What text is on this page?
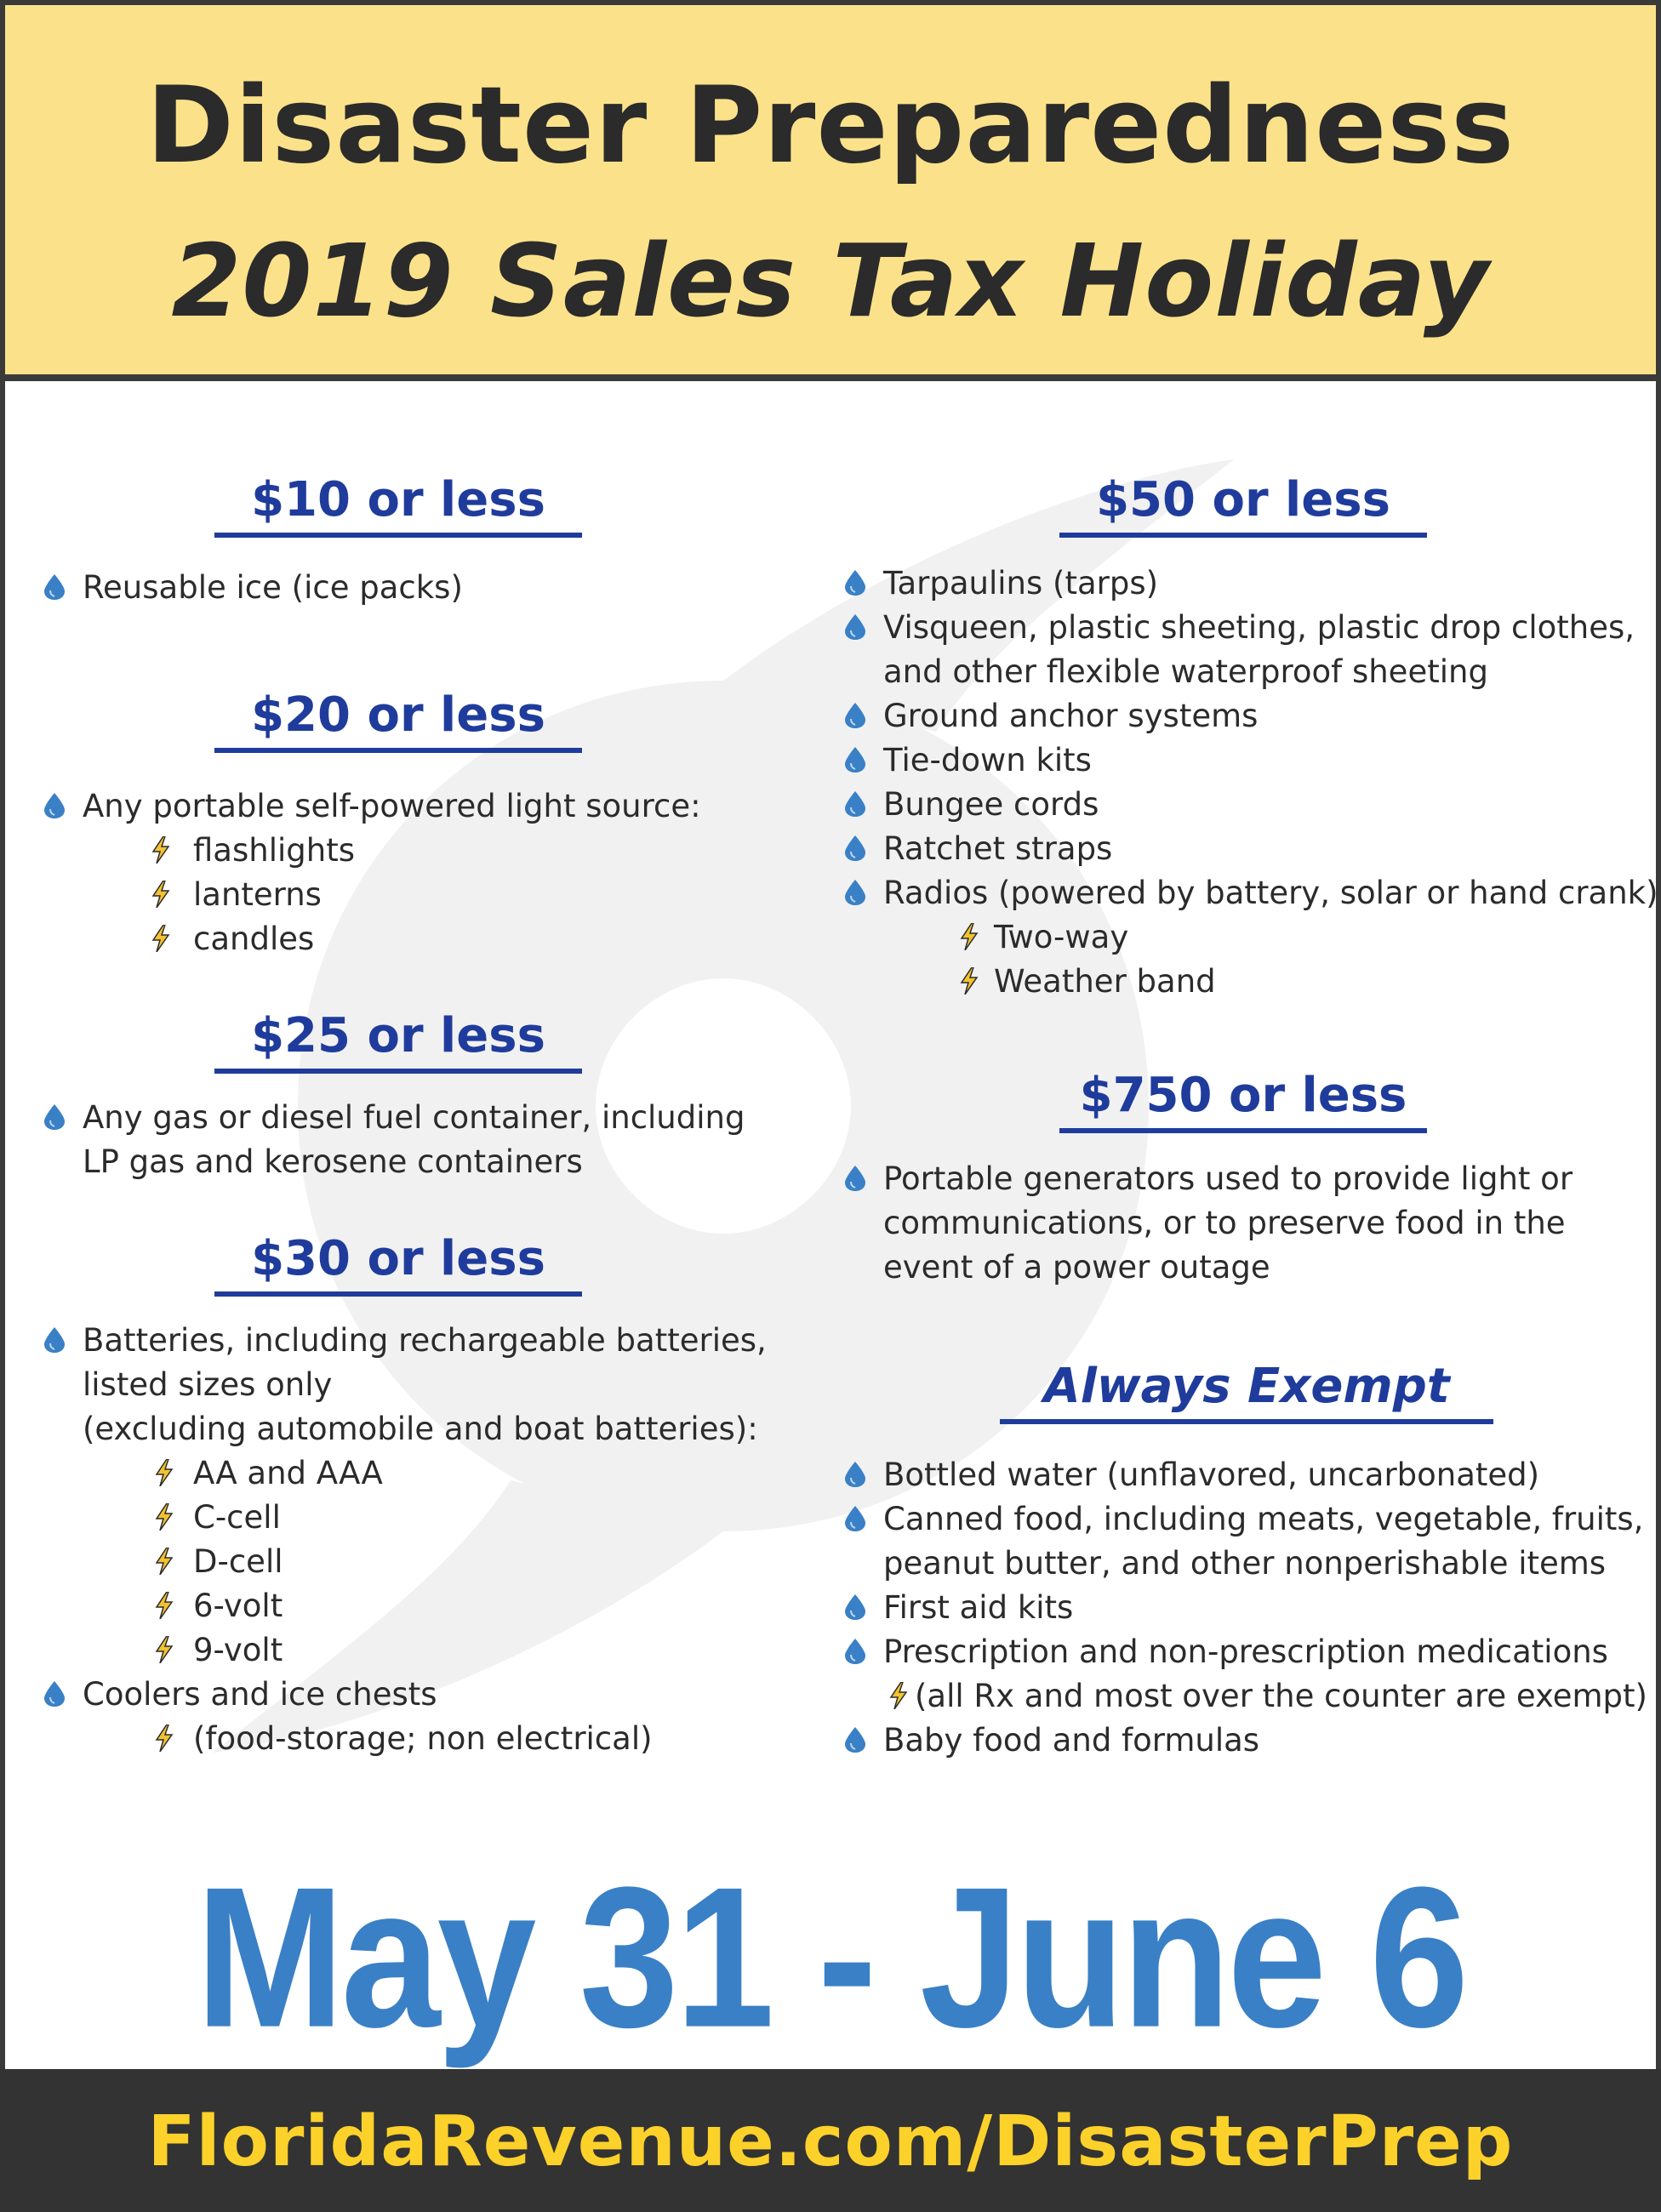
Disaster Preparedness
2019 Sales Tax Holiday
$10 or less
Reusable ice (ice packs)
$20 or less
Any portable self-powered light source:
flashlights
lanterns
candles
$25 or less
Any gas or diesel fuel container, including
LP gas and kerosene containers
$30 or less
Batteries, including rechargeable batteries,
listed sizes only
(excluding automobile and boat batteries):
AA and AAA
C-cell
D-cell
6-volt
9-volt
Coolers and ice chests
(food-storage; non electrical)
$50 or less
Tarpaulins (tarps)
Visqueen, plastic sheeting, plastic drop clothes,
and other flexible waterproof sheeting
Ground anchor systems
Tie-down kits
Bungee cords
Ratchet straps
Radios (powered by battery, solar or hand crank)
Two-way
Weather band
$750 or less
Portable generators used to provide light or
communications, or to preserve food in the
event of a power outage
Always Exempt
Bottled water (unflavored, uncarbonated)
Canned food, including meats, vegetable, fruits,
peanut butter, and other nonperishable items
First aid kits
Prescription and non-prescription medications
(all Rx and most over the counter are exempt)
Baby food and formulas
May 31 - June 6
FloridaRevenue.com/DisasterPrep
